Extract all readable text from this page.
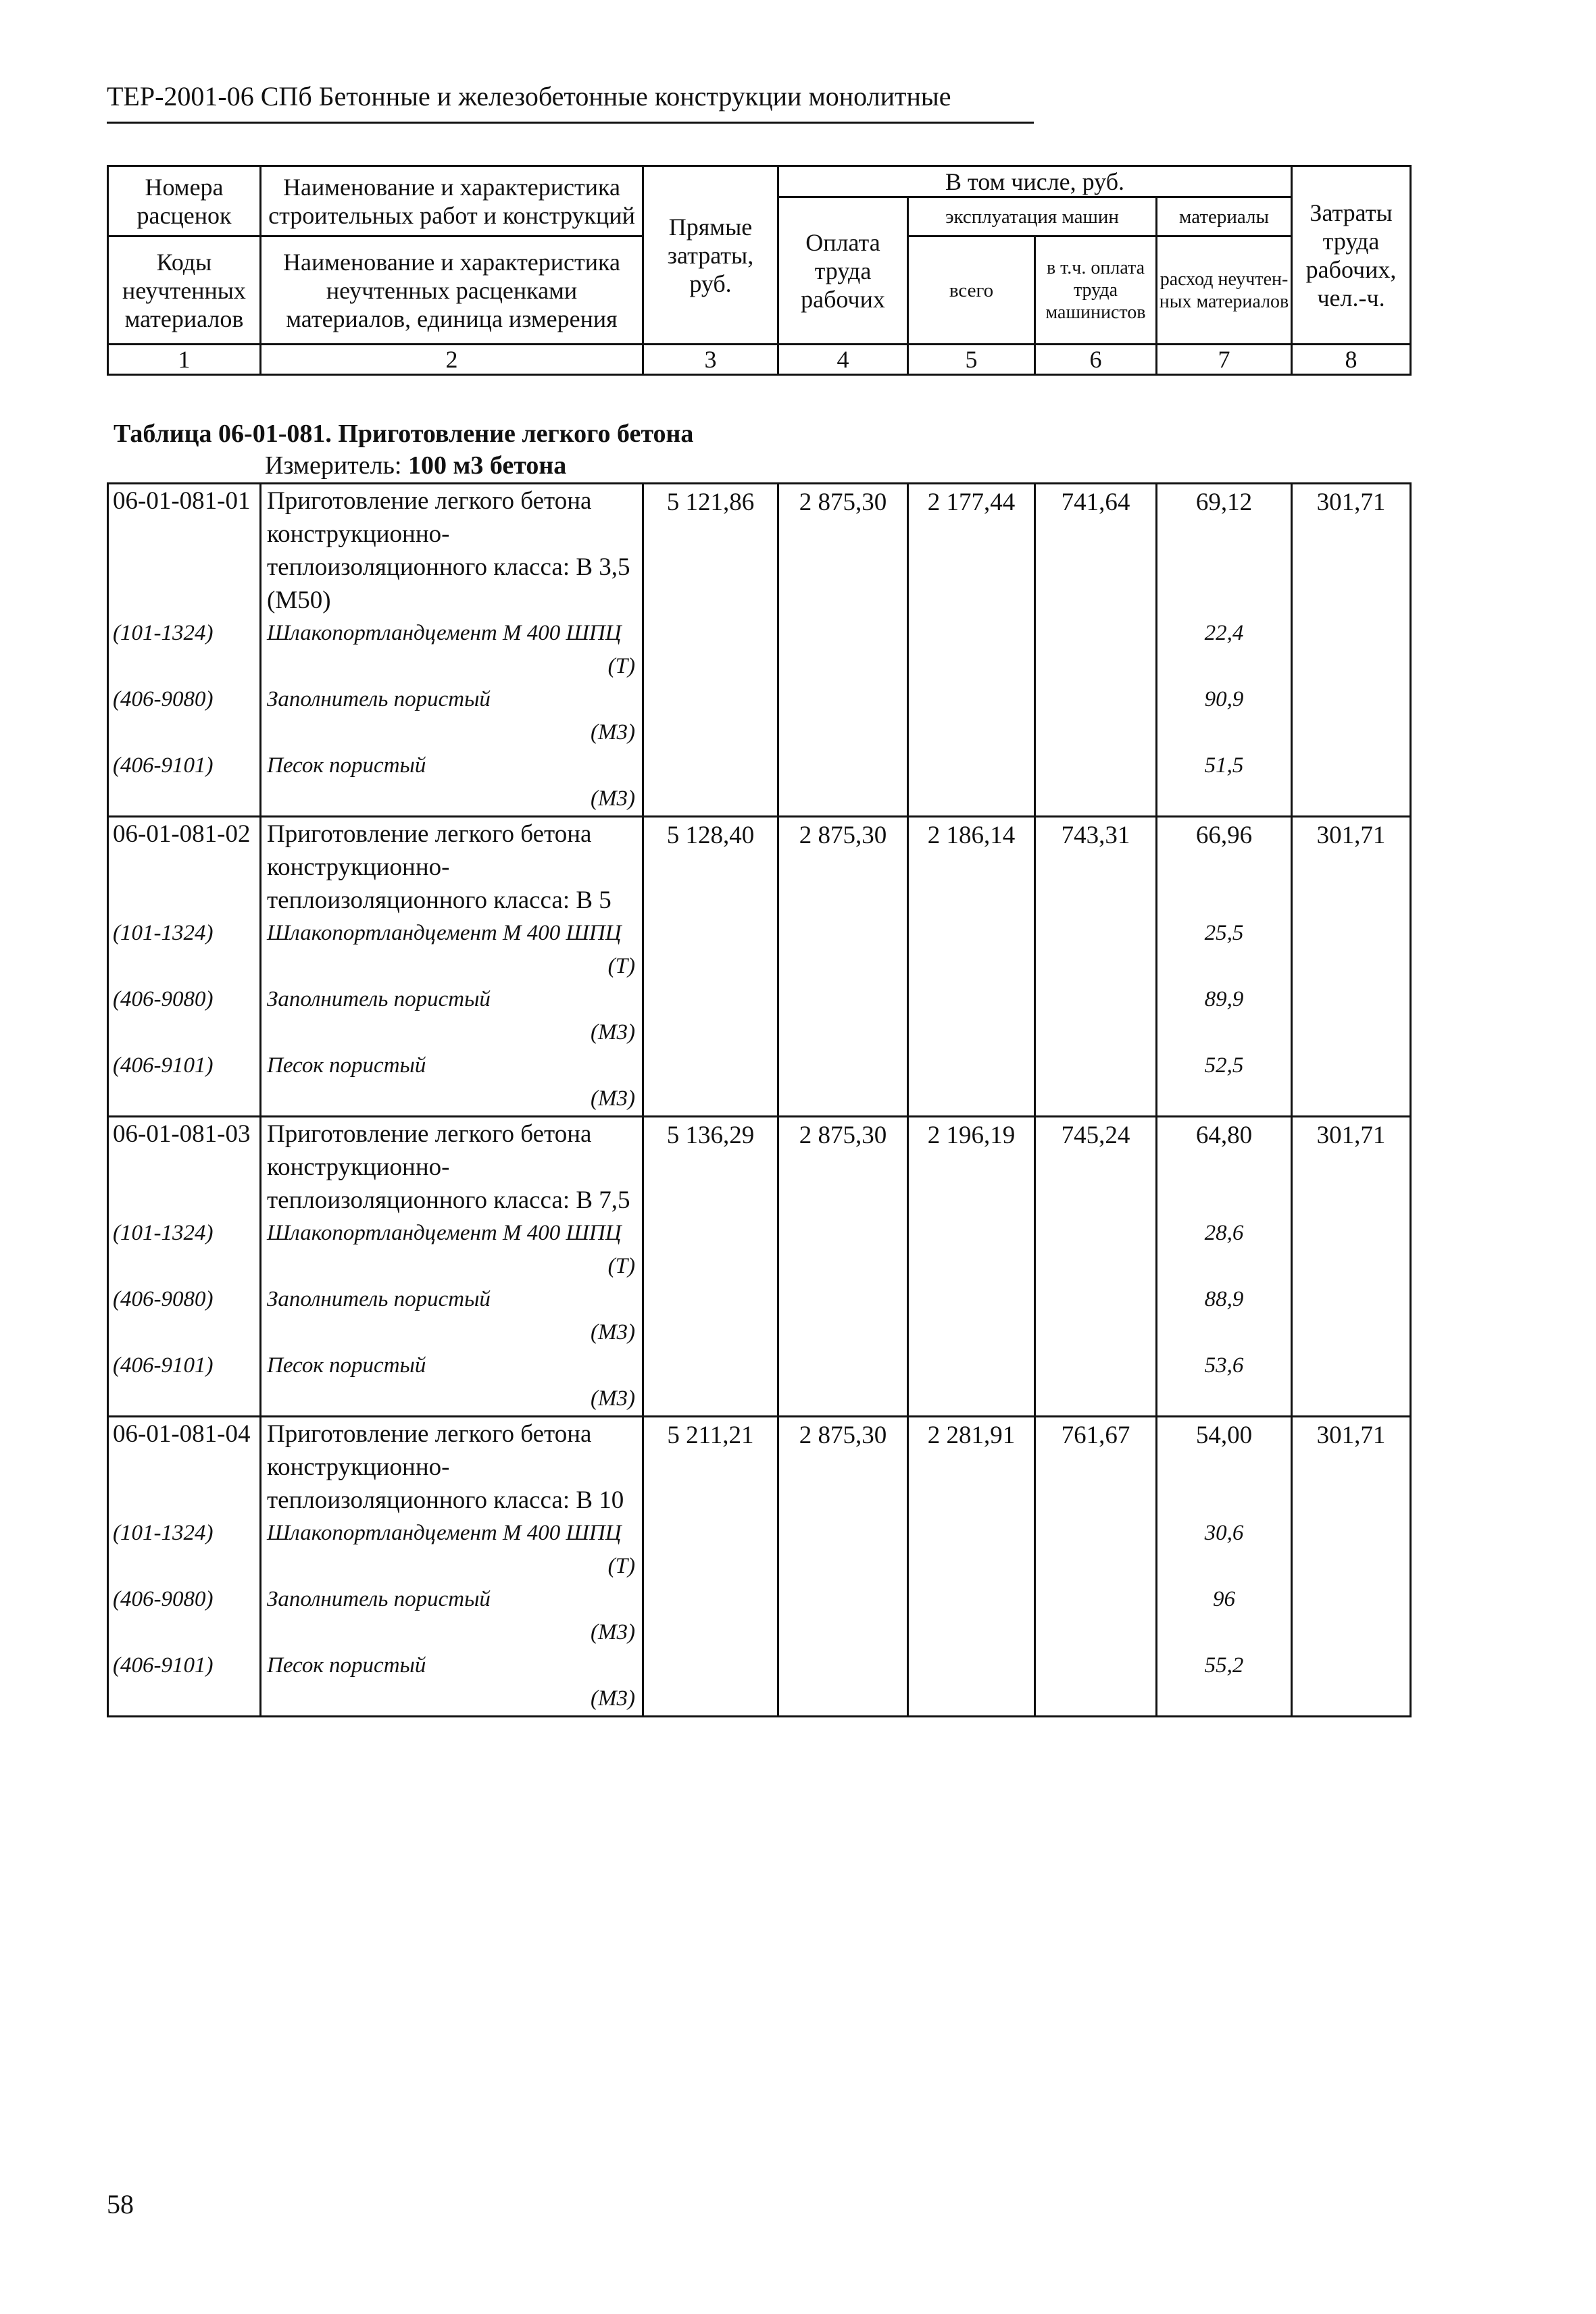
ТЕР-2001-06 СПб Бетонные и железобетонные конструкции монолитные
Номера расценок	Наименование и характеристика строительных работ и конструкций	Прямые затраты, руб.	В том числе, руб.				Затраты труда рабочих, чел.-ч.
			Оплата труда рабочих	эксплуатация машин		материалы	
Коды неучтенных материалов	Наименование и характеристика неучтенных расценками материалов, единица измерения			всего	в т.ч. оплата труда машинистов	расход неучтен-ных материалов	

1	2	3	4	5	6	7	8
Таблица 06-01-081. Приготовление легкого бетона
Измеритель: 100 м3 бетона
06-01-081-01	Приготовление легкого бетона конструкционно-теплоизоляционного класса: В 3,5 (М50)	5 121,86	2 875,30	2 177,44	741,64	69,12	301,71

(101-1324)	Шлакопортландцемент М 400 ШПЦ
(Т)					22,4	

(406-9080)	Заполнитель пористый
(М3)					90,9	

(406-9101)	Песок пористый
(М3)					51,5	

06-01-081-02	Приготовление легкого бетона конструкционно-теплоизоляционного класса: В 5	5 128,40	2 875,30	2 186,14	743,31	66,96	301,71

(101-1324)	Шлакопортландцемент М 400 ШПЦ
(Т)					25,5	

(406-9080)	Заполнитель пористый
(М3)					89,9	

(406-9101)	Песок пористый
(М3)					52,5	

06-01-081-03	Приготовление легкого бетона конструкционно-теплоизоляционного класса: В 7,5	5 136,29	2 875,30	2 196,19	745,24	64,80	301,71

(101-1324)	Шлакопортландцемент М 400 ШПЦ
(Т)					28,6	

(406-9080)	Заполнитель пористый
(М3)					88,9	

(406-9101)	Песок пористый
(М3)					53,6	

06-01-081-04	Приготовление легкого бетона конструкционно-теплоизоляционного класса: В 10	5 211,21	2 875,30	2 281,91	761,67	54,00	301,71

(101-1324)	Шлакопортландцемент М 400 ШПЦ
(Т)					30,6	

(406-9080)	Заполнитель пористый
(М3)					96	

(406-9101)	Песок пористый
(М3)					55,2	

58
